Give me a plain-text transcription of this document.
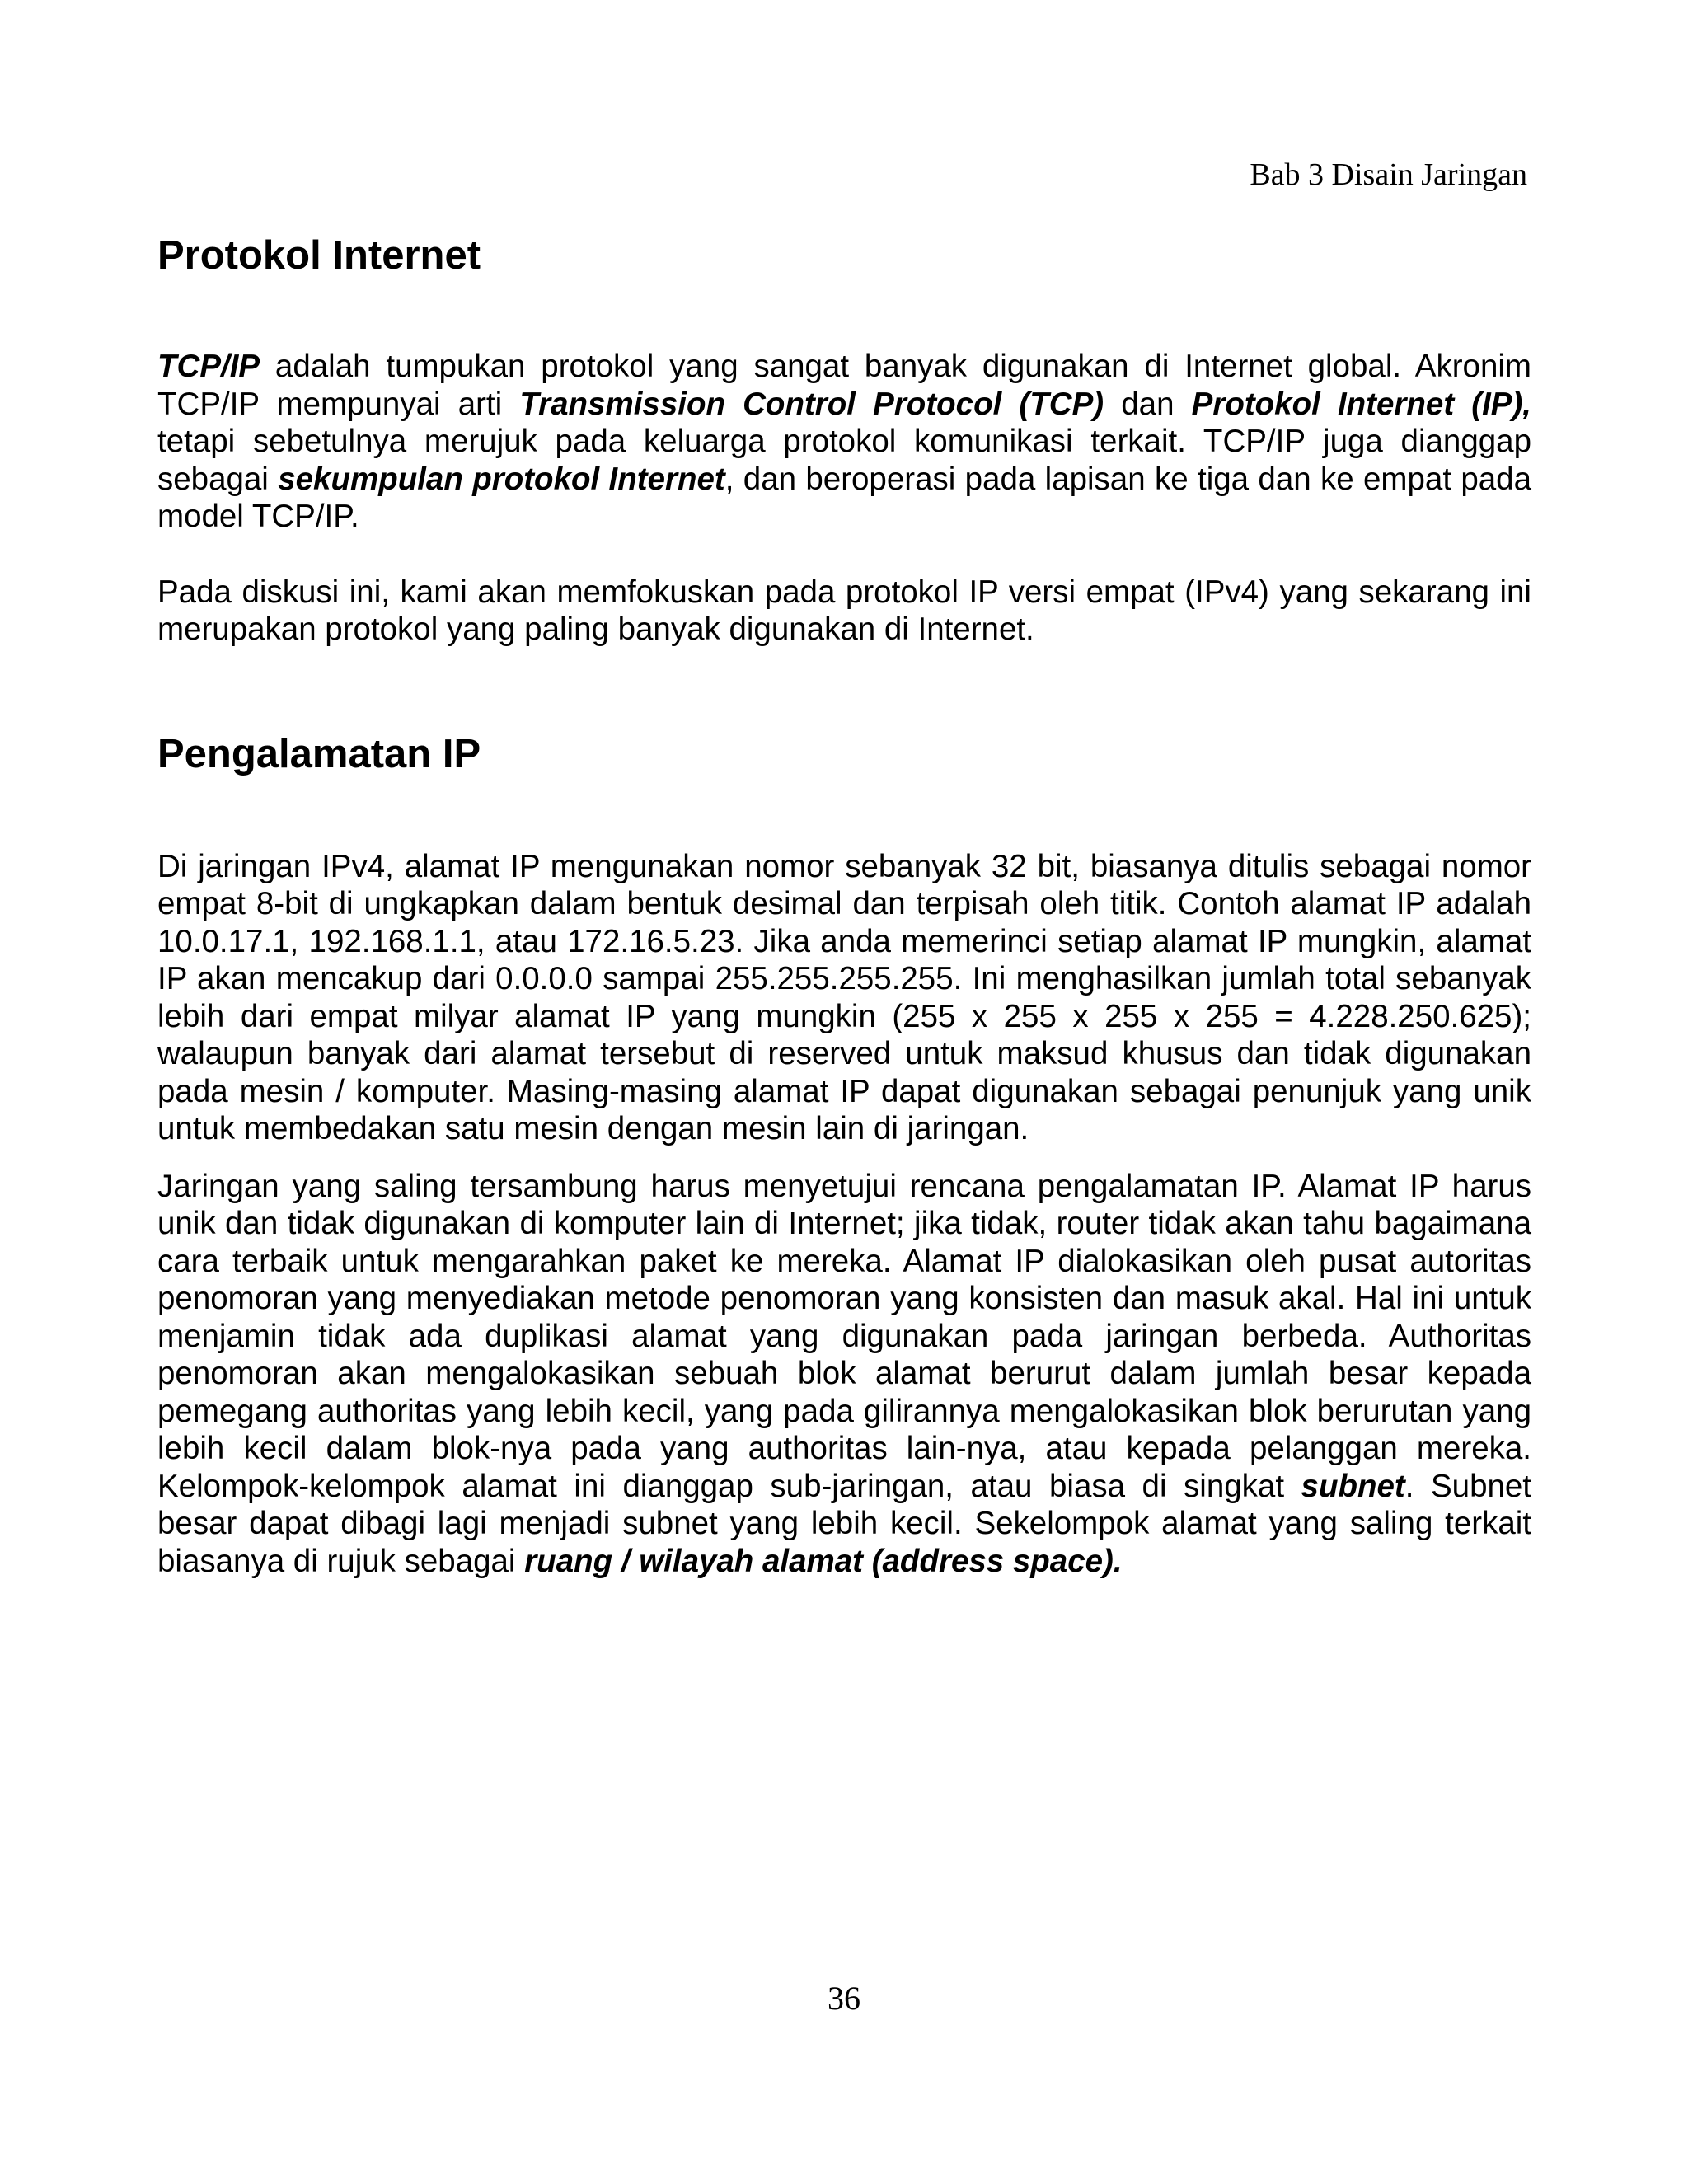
Bab 3 Disain Jaringan
Protokol Internet

TCP/IP adalah tumpukan protokol yang sangat banyak digunakan di Internet global. Akronim TCP/IP mempunyai arti Transmission Control Protocol (TCP) dan Protokol Internet (IP), tetapi sebetulnya merujuk pada keluarga protokol komunikasi terkait. TCP/IP juga dianggap sebagai sekumpulan protokol Internet, dan beroperasi pada lapisan ke tiga dan ke empat pada model TCP/IP.

Pada diskusi ini, kami akan memfokuskan pada protokol IP versi empat (IPv4) yang sekarang ini merupakan protokol yang paling banyak digunakan di Internet.

Pengalamatan IP

Di jaringan IPv4, alamat IP mengunakan nomor sebanyak 32 bit, biasanya ditulis sebagai nomor empat 8-bit di ungkapkan dalam bentuk desimal dan terpisah oleh titik. Contoh alamat IP adalah 10.0.17.1, 192.168.1.1, atau 172.16.5.23. Jika anda memerinci setiap alamat IP mungkin, alamat IP akan mencakup dari 0.0.0.0 sampai 255.255.255.255. Ini menghasilkan jumlah total sebanyak lebih dari empat milyar alamat IP yang mungkin (255 x 255 x 255 x 255 = 4.228.250.625); walaupun banyak dari alamat tersebut di reserved untuk maksud khusus dan tidak digunakan pada mesin / komputer. Masing-masing alamat IP dapat digunakan sebagai penunjuk yang unik untuk membedakan satu mesin dengan mesin lain di jaringan.

Jaringan yang saling tersambung harus menyetujui rencana pengalamatan IP. Alamat IP harus unik dan tidak digunakan di komputer lain di Internet; jika tidak, router tidak akan tahu bagaimana cara terbaik untuk mengarahkan paket ke mereka. Alamat IP dialokasikan oleh pusat autoritas penomoran yang menyediakan metode penomoran yang konsisten dan masuk akal. Hal ini untuk menjamin tidak ada duplikasi alamat yang digunakan pada jaringan berbeda. Authoritas penomoran akan mengalokasikan sebuah blok alamat berurut dalam jumlah besar kepada pemegang authoritas yang lebih kecil, yang pada gilirannya mengalokasikan blok berurutan yang lebih kecil dalam blok-nya pada yang authoritas lain-nya, atau kepada pelanggan mereka. Kelompok-kelompok alamat ini dianggap sub-jaringan, atau biasa di singkat subnet. Subnet besar dapat dibagi lagi menjadi subnet yang lebih kecil. Sekelompok alamat yang saling terkait biasanya di rujuk sebagai ruang / wilayah alamat (address space).

36
